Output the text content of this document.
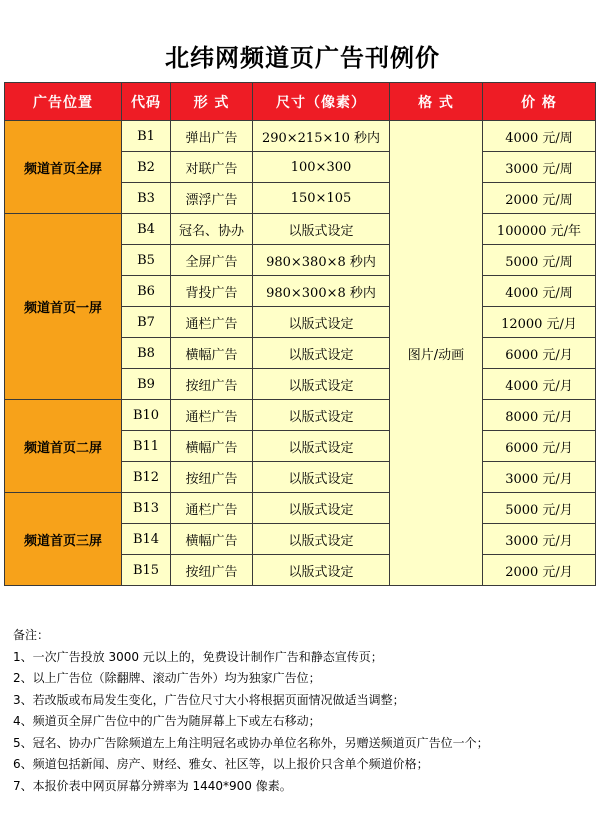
北纬网频道页广告刊例价
广告位置	代码	形 式	尺寸（像素）	格 式	价 格
频道首页全屏	B1	弹出广告	290×215×10 秒内	图片/动画	4000 元/周
	B2	对联广告	100×300		3000 元/周
	B3	漂浮广告	150×105		2000 元/周
频道首页一屏	B4	冠名、协办	以版式设定		100000 元/年
	B5	全屏广告	980×380×8 秒内		5000 元/周
	B6	背投广告	980×300×8 秒内		4000 元/周
	B7	通栏广告	以版式设定		12000 元/月
	B8	横幅广告	以版式设定		6000 元/月
	B9	按纽广告	以版式设定		4000 元/月
频道首页二屏	B10	通栏广告	以版式设定		8000 元/月
	B11	横幅广告	以版式设定		6000 元/月
	B12	按纽广告	以版式设定		3000 元/月
频道首页三屏	B13	通栏广告	以版式设定		5000 元/月
	B14	横幅广告	以版式设定		3000 元/月
	B15	按纽广告	以版式设定		2000 元/月
备注：
1、一次广告投放 3000 元以上的，免费设计制作广告和静态宣传页；
2、以上广告位（除翻牌、滚动广告外）均为独家广告位；
3、若改版或布局发生变化，广告位尺寸大小将根据页面情况做适当调整；
4、频道页全屏广告位中的广告为随屏幕上下或左右移动；
5、冠名、协办广告除频道左上角注明冠名或协办单位名称外，另赠送频道页广告位一个；
6、频道包括新闻、房产、财经、雅女、社区等，以上报价只含单个频道价格；
7、本报价表中网页屏幕分辨率为 1440*900 像素。
